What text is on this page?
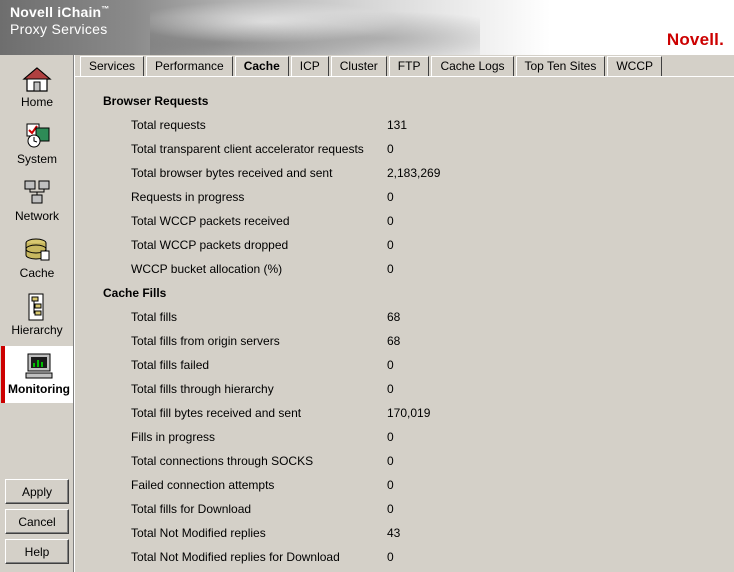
Novell iChain™
Proxy Services
Novell.
Home
System
Network
Cache
Hierarchy
Monitoring
Apply
Cancel
Help
Services	Performance	Cache	ICP	Cluster	FTP	Cache Logs	Top Ten Sites	WCCP
Browser Requests
Total requests	131
Total transparent client accelerator requests 0
Total browser bytes received and sent	2,183,269
Requests in progress	0
Total WCCP packets received	0
Total WCCP packets dropped	0
WCCP bucket allocation (%)	0
Cache Fills
Total fills	68
Total fills from origin servers	68
Total fills failed	0
Total fills through hierarchy	0
Total fill bytes received and sent	170,019
Fills in progress	0
Total connections through SOCKS	0
Failed connection attempts	0
Total fills for Download	0
Total Not Modified replies	43
Total Not Modified replies for Download	0
